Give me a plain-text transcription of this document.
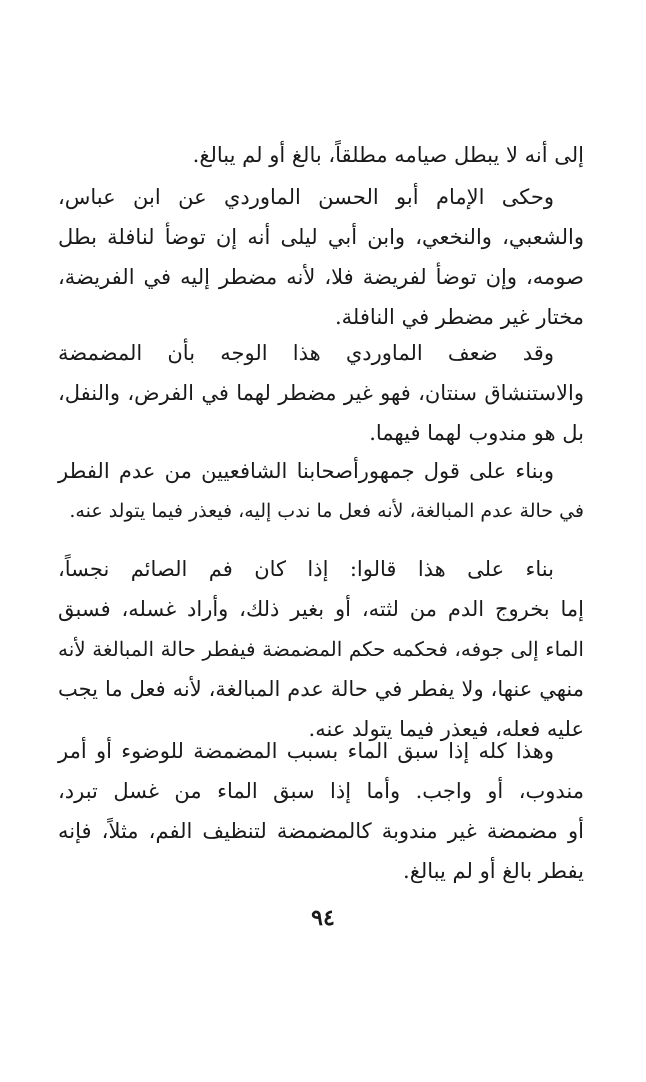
إلى أنه لا يبطل صيامه مطلقاً، بالغ أو لم يبالغ.

وحكى الإمام أبو الحسن الماوردي عن ابن عباس،
والشعبي، والنخعي، وابن أبي ليلى أنه إن توضأ لنافلة بطل
صومه، وإن توضأ لفريضة فلا، لأنه مضطر إليه في الفريضة،
مختار غير مضطر في النافلة.

وقد ضعف الماوردي هذا الوجه بأن المضمضة
والاستنشاق سنتان، فهو غير مضطر لهما في الفرض، والنفل،
بل هو مندوب لهما فيهما.

وبناء على قول جمهورأصحابنا الشافعيين من عدم الفطر
في حالة عدم المبالغة، لأنه فعل ما ندب إليه، فيعذر فيما يتولد عنه.

بناء على هذا قالوا: إذا كان فم الصائم نجساً،
إما بخروج الدم من لثته، أو بغير ذلك، وأراد غسله، فسبق
الماء إلى جوفه، فحكمه حكم المضمضة فيفطر حالة المبالغة لأنه
منهي عنها، ولا يفطر في حالة عدم المبالغة، لأنه فعل ما يجب
عليه فعله، فيعذر فيما يتولد عنه.

وهذا كله إذا سبق الماء بسبب المضمضة للوضوء أو أمر
مندوب، أو واجب. وأما إذا سبق الماء من غسل تبرد،
أو مضمضة غير مندوبة كالمضمضة لتنظيف الفم، مثلاً، فإنه
يفطر بالغ أو لم يبالغ.

٩٤
